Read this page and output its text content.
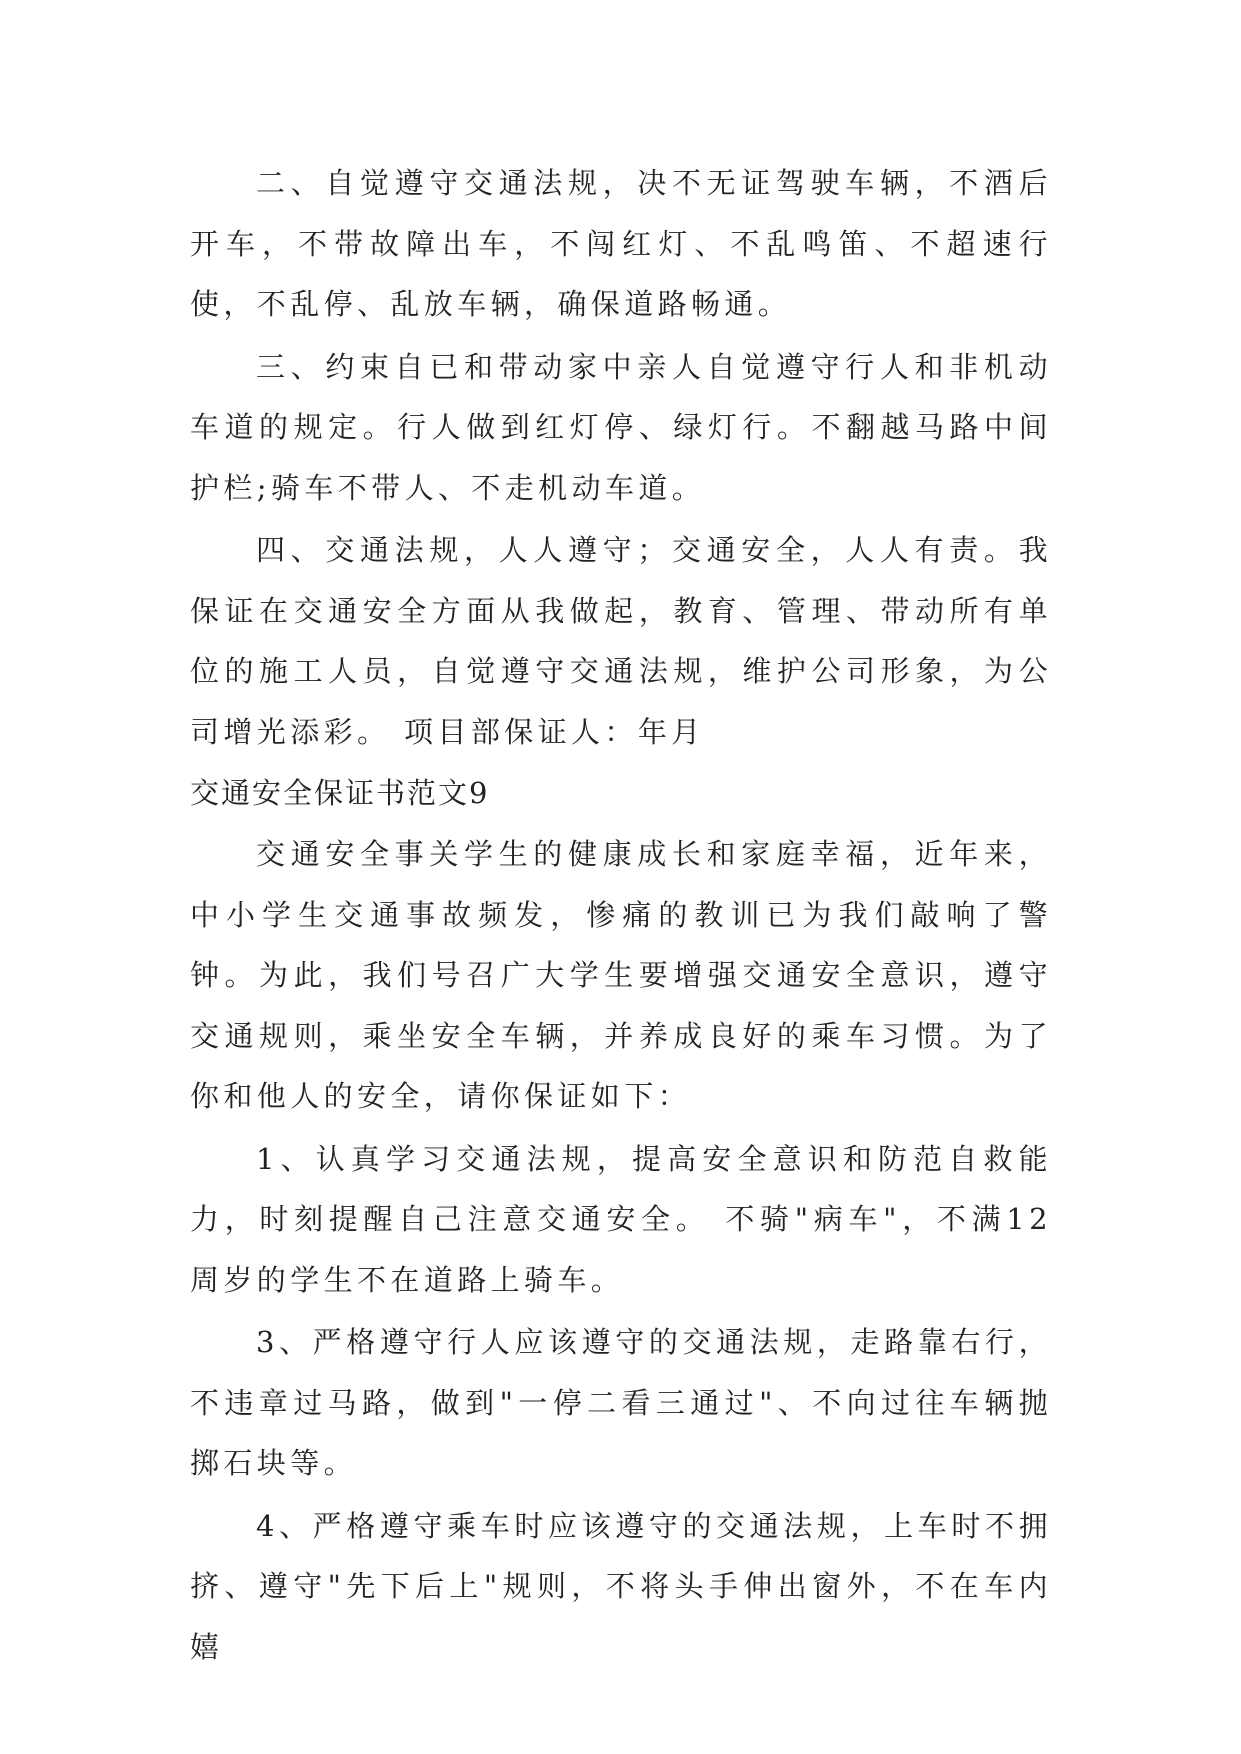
二、自觉遵守交通法规，决不无证驾驶车辆，不酒后开车，不带故障出车，不闯红灯、不乱鸣笛、不超速行使，不乱停、乱放车辆，确保道路畅通。

三、约束自已和带动家中亲人自觉遵守行人和非机动车道的规定。行人做到红灯停、绿灯行。不翻越马路中间护栏;骑车不带人、不走机动车道。

四、交通法规，人人遵守；交通安全，人人有责。我保证在交通安全方面从我做起，教育、管理、带动所有单位的施工人员，自觉遵守交通法规，维护公司形象，为公司增光添彩。 项目部保证人：年月

交通安全保证书范文9

交通安全事关学生的健康成长和家庭幸福，近年来，中小学生交通事故频发，惨痛的教训已为我们敲响了警钟。为此，我们号召广大学生要增强交通安全意识，遵守交通规则，乘坐安全车辆，并养成良好的乘车习惯。为了你和他人的安全，请你保证如下：

1、认真学习交通法规，提高安全意识和防范自救能力，时刻提醒自己注意交通安全。 不骑"病车"，不满12周岁的学生不在道路上骑车。

3、严格遵守行人应该遵守的交通法规，走路靠右行，不违章过马路，做到"一停二看三通过"、不向过往车辆抛掷石块等。

4、严格遵守乘车时应该遵守的交通法规，上车时不拥挤、遵守"先下后上"规则，不将头手伸出窗外，不在车内嬉
